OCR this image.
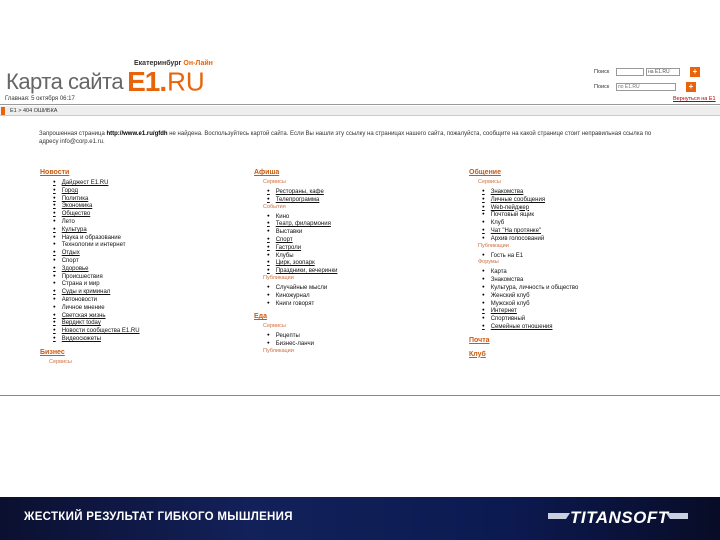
Екатеринбург Он-Лайн
Карта сайта E1.RU
Главная: 5 октября 06:17
Поиск	на E1.RU	+
Поиск	по E1.RU	+
Вернуться на E1
E1 > 404 ОШИБКА
Запрошенная страница http://www.e1.ru/gfdh не найдена. Воспользуйтесь картой сайта. Если Вы нашли эту ссылку на страницах нашего сайта, пожалуйста, сообщите на какой странице стоит неправильная ссылка по адресу info@corp.e1.ru.
Новости
● Дайджест E1.RU
● Город
● Политика
● Экономика
● Общество
● Лето
● Культура
● Наука и образование
● Технологии и интернет
● Отдых
● Спорт
● Здоровье
● Происшествия
● Страна и мир
● Суды и криминал
● Автоновости
● Личное мнение
● Светская жизнь
● Вердикт today
● Новости сообщества E1.RU
● Видеосюжеты
Бизнес
Сервисы
Афиша
Сервисы
● Рестораны, кафе
● Телепрограмма
События
● Кино
● Театр, филармония
● Выставки
● Спорт
● Гастроли
● Клубы
● Цирк, зоопарк
● Праздники, вечеринки
Публикации
● Случайные мысли
● Киножурнал
● Книги говорят
Еда
Сервисы
● Рецепты
● Бизнес-ланчи
Публикации
Общение
Сервисы
● Знакомства
● Личные сообщения
● Web-пейджер
● Почтовый ящик
● Клуб
● Чат "На протянке"
● Архив голосований
Публикации
● Гость на E1
Форумы
● Карта
● Знакомства
● Культура, личность и общество
● Женский клуб
● Мужской клуб
● Интернет
● Спортивный
● Семейные отношения
Почта
Клуб
ЖЕСТКИЙ РЕЗУЛЬТАТ ГИБКОГО МЫШЛЕНИЯ	TITANSOFT
